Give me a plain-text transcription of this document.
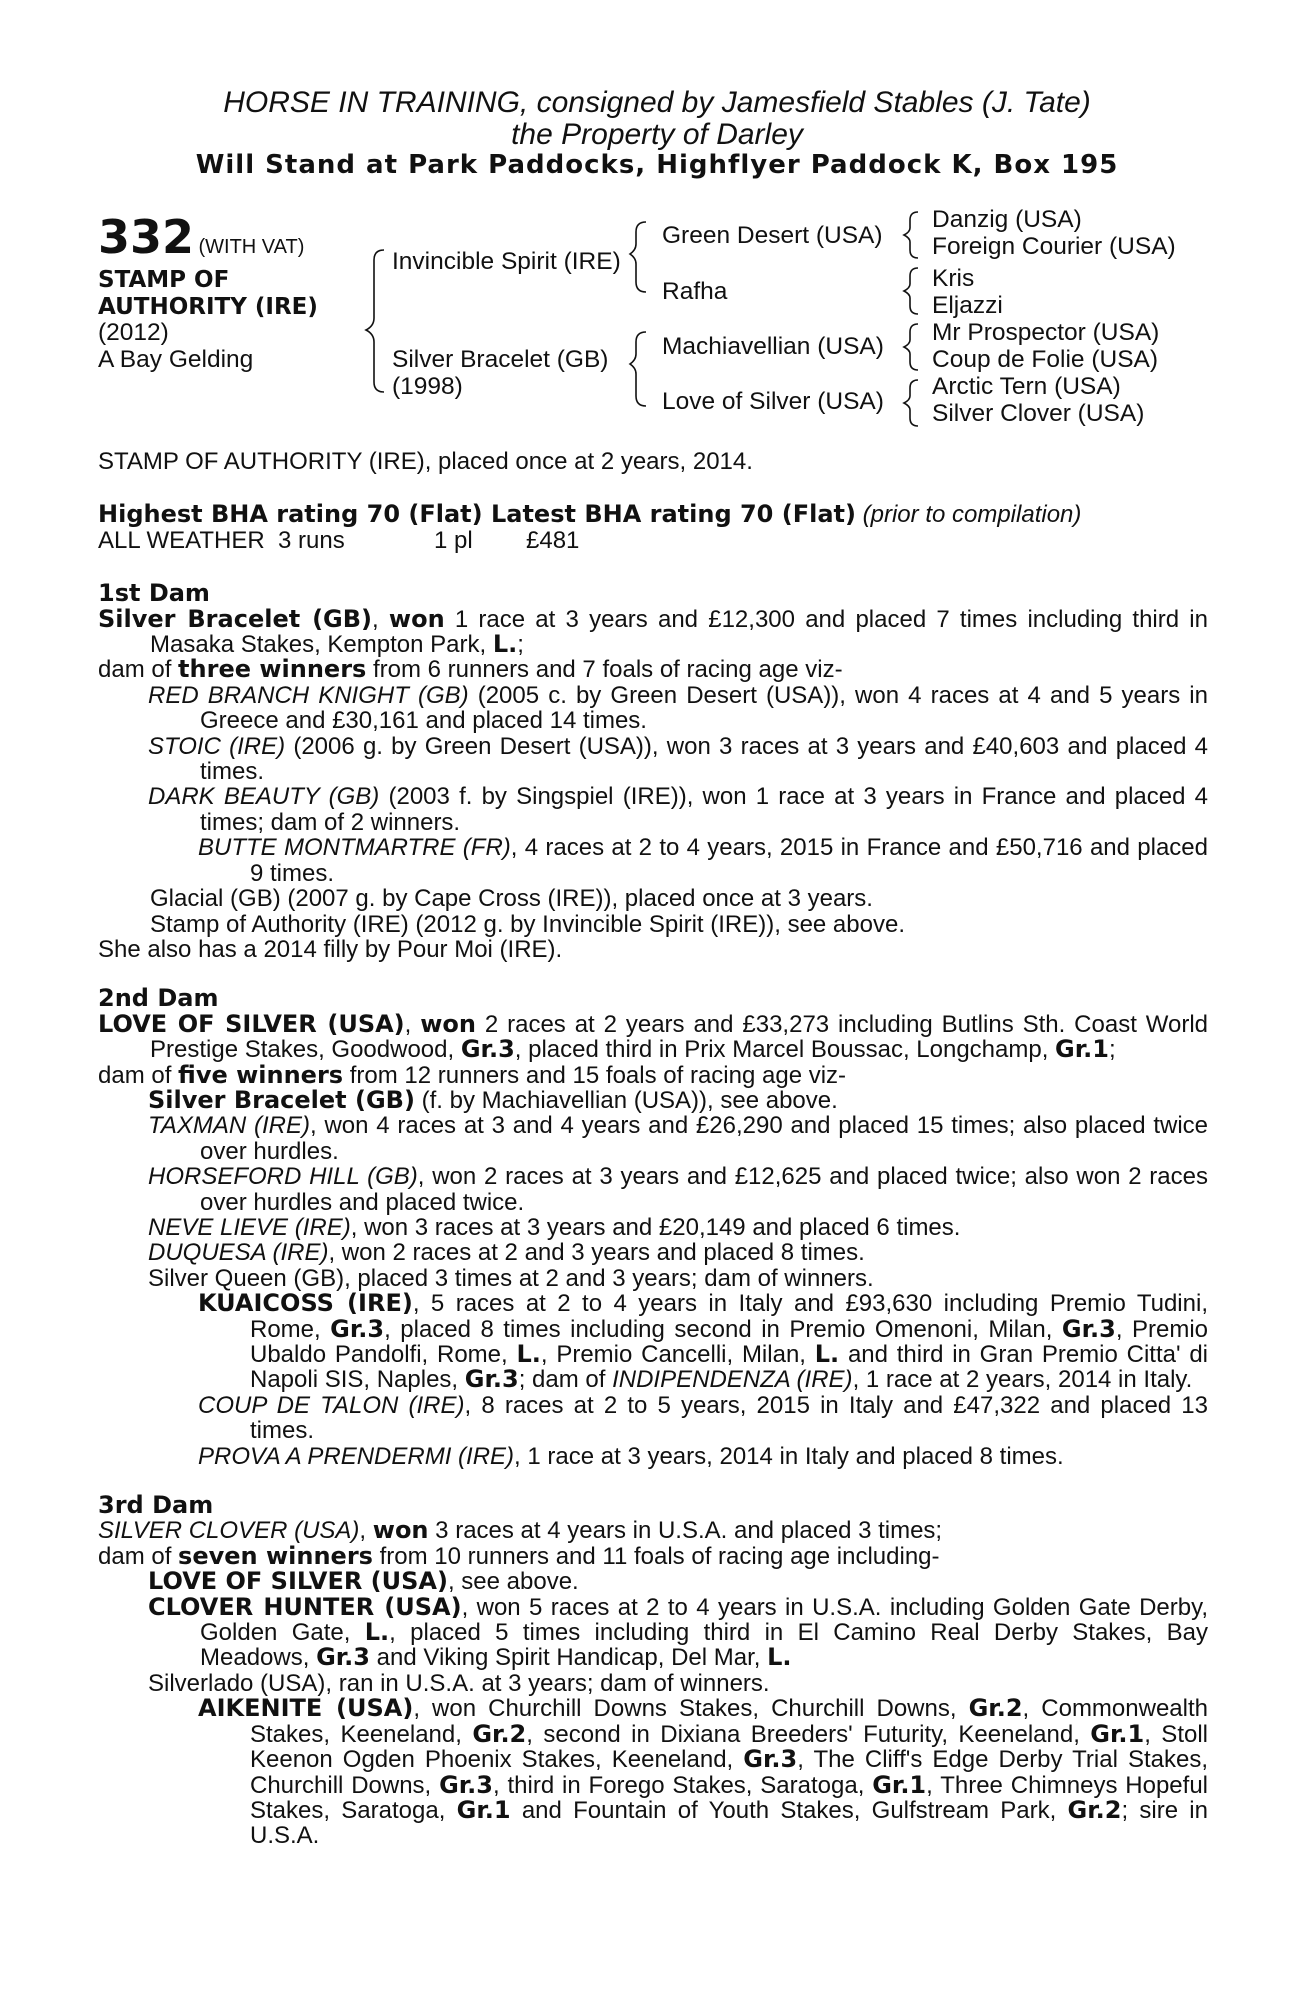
HORSE IN TRAINING, consigned by Jamesfield Stables (J. Tate)

the Property of Darley

Will Stand at Park Paddocks, Highflyer Paddock K, Box 195

332 (WITH VAT)
STAMP OF
AUTHORITY (IRE)
(2012)
A Bay Gelding
Invincible Spirit (IRE)
Silver Bracelet (GB)
(1998)
Green Desert (USA)
Rafha
Machiavellian (USA)
Love of Silver (USA)
Danzig (USA)
Foreign Courier (USA)
Kris
Eljazzi
Mr Prospector (USA)
Coup de Folie (USA)
Arctic Tern (USA)
Silver Clover (USA)

STAMP OF AUTHORITY (IRE), placed once at 2 years, 2014.

Highest BHA rating 70 (Flat) Latest BHA rating 70 (Flat) (prior to compilation)

ALL WEATHER 3 runs	1 pl £481

1st Dam

Silver Bracelet (GB), won 1 race at 3 years and £12,300 and placed 7 times including third in Masaka Stakes, Kempton Park, L.;

dam of three winners from 6 runners and 7 foals of racing age viz-

RED BRANCH KNIGHT (GB) (2005 c. by Green Desert (USA)), won 4 races at 4 and 5 years in Greece and £30,161 and placed 14 times.

STOIC (IRE) (2006 g. by Green Desert (USA)), won 3 races at 3 years and £40,603 and placed 4 times.

DARK BEAUTY (GB) (2003 f. by Singspiel (IRE)), won 1 race at 3 years in France and placed 4 times; dam of 2 winners.

BUTTE MONTMARTRE (FR), 4 races at 2 to 4 years, 2015 in France and £50,716 and placed 9 times.

Glacial (GB) (2007 g. by Cape Cross (IRE)), placed once at 3 years.

Stamp of Authority (IRE) (2012 g. by Invincible Spirit (IRE)), see above.

She also has a 2014 filly by Pour Moi (IRE).

2nd Dam

LOVE OF SILVER (USA), won 2 races at 2 years and £33,273 including Butlins Sth. Coast World Prestige Stakes, Goodwood, Gr.3, placed third in Prix Marcel Boussac, Longchamp, Gr.1;

dam of five winners from 12 runners and 15 foals of racing age viz-

Silver Bracelet (GB) (f. by Machiavellian (USA)), see above.

TAXMAN (IRE), won 4 races at 3 and 4 years and £26,290 and placed 15 times; also placed twice over hurdles.

HORSEFORD HILL (GB), won 2 races at 3 years and £12,625 and placed twice; also won 2 races over hurdles and placed twice.

NEVE LIEVE (IRE), won 3 races at 3 years and £20,149 and placed 6 times.

DUQUESA (IRE), won 2 races at 2 and 3 years and placed 8 times.

Silver Queen (GB), placed 3 times at 2 and 3 years; dam of winners.

KUAICOSS (IRE), 5 races at 2 to 4 years in Italy and £93,630 including Premio Tudini, Rome, Gr.3, placed 8 times including second in Premio Omenoni, Milan, Gr.3, Premio Ubaldo Pandolfi, Rome, L., Premio Cancelli, Milan, L. and third in Gran Premio Citta' di Napoli SIS, Naples, Gr.3; dam of INDIPENDENZA (IRE), 1 race at 2 years, 2014 in Italy.

COUP DE TALON (IRE), 8 races at 2 to 5 years, 2015 in Italy and £47,322 and placed 13 times.

PROVA A PRENDERMI (IRE), 1 race at 3 years, 2014 in Italy and placed 8 times.

3rd Dam

SILVER CLOVER (USA), won 3 races at 4 years in U.S.A. and placed 3 times;

dam of seven winners from 10 runners and 11 foals of racing age including-

LOVE OF SILVER (USA), see above.

CLOVER HUNTER (USA), won 5 races at 2 to 4 years in U.S.A. including Golden Gate Derby, Golden Gate, L., placed 5 times including third in El Camino Real Derby Stakes, Bay Meadows, Gr.3 and Viking Spirit Handicap, Del Mar, L.

Silverlado (USA), ran in U.S.A. at 3 years; dam of winners.

AIKENITE (USA), won Churchill Downs Stakes, Churchill Downs, Gr.2, Commonwealth Stakes, Keeneland, Gr.2, second in Dixiana Breeders' Futurity, Keeneland, Gr.1, Stoll Keenon Ogden Phoenix Stakes, Keeneland, Gr.3, The Cliff's Edge Derby Trial Stakes, Churchill Downs, Gr.3, third in Forego Stakes, Saratoga, Gr.1, Three Chimneys Hopeful Stakes, Saratoga, Gr.1 and Fountain of Youth Stakes, Gulfstream Park, Gr.2; sire in U.S.A.
